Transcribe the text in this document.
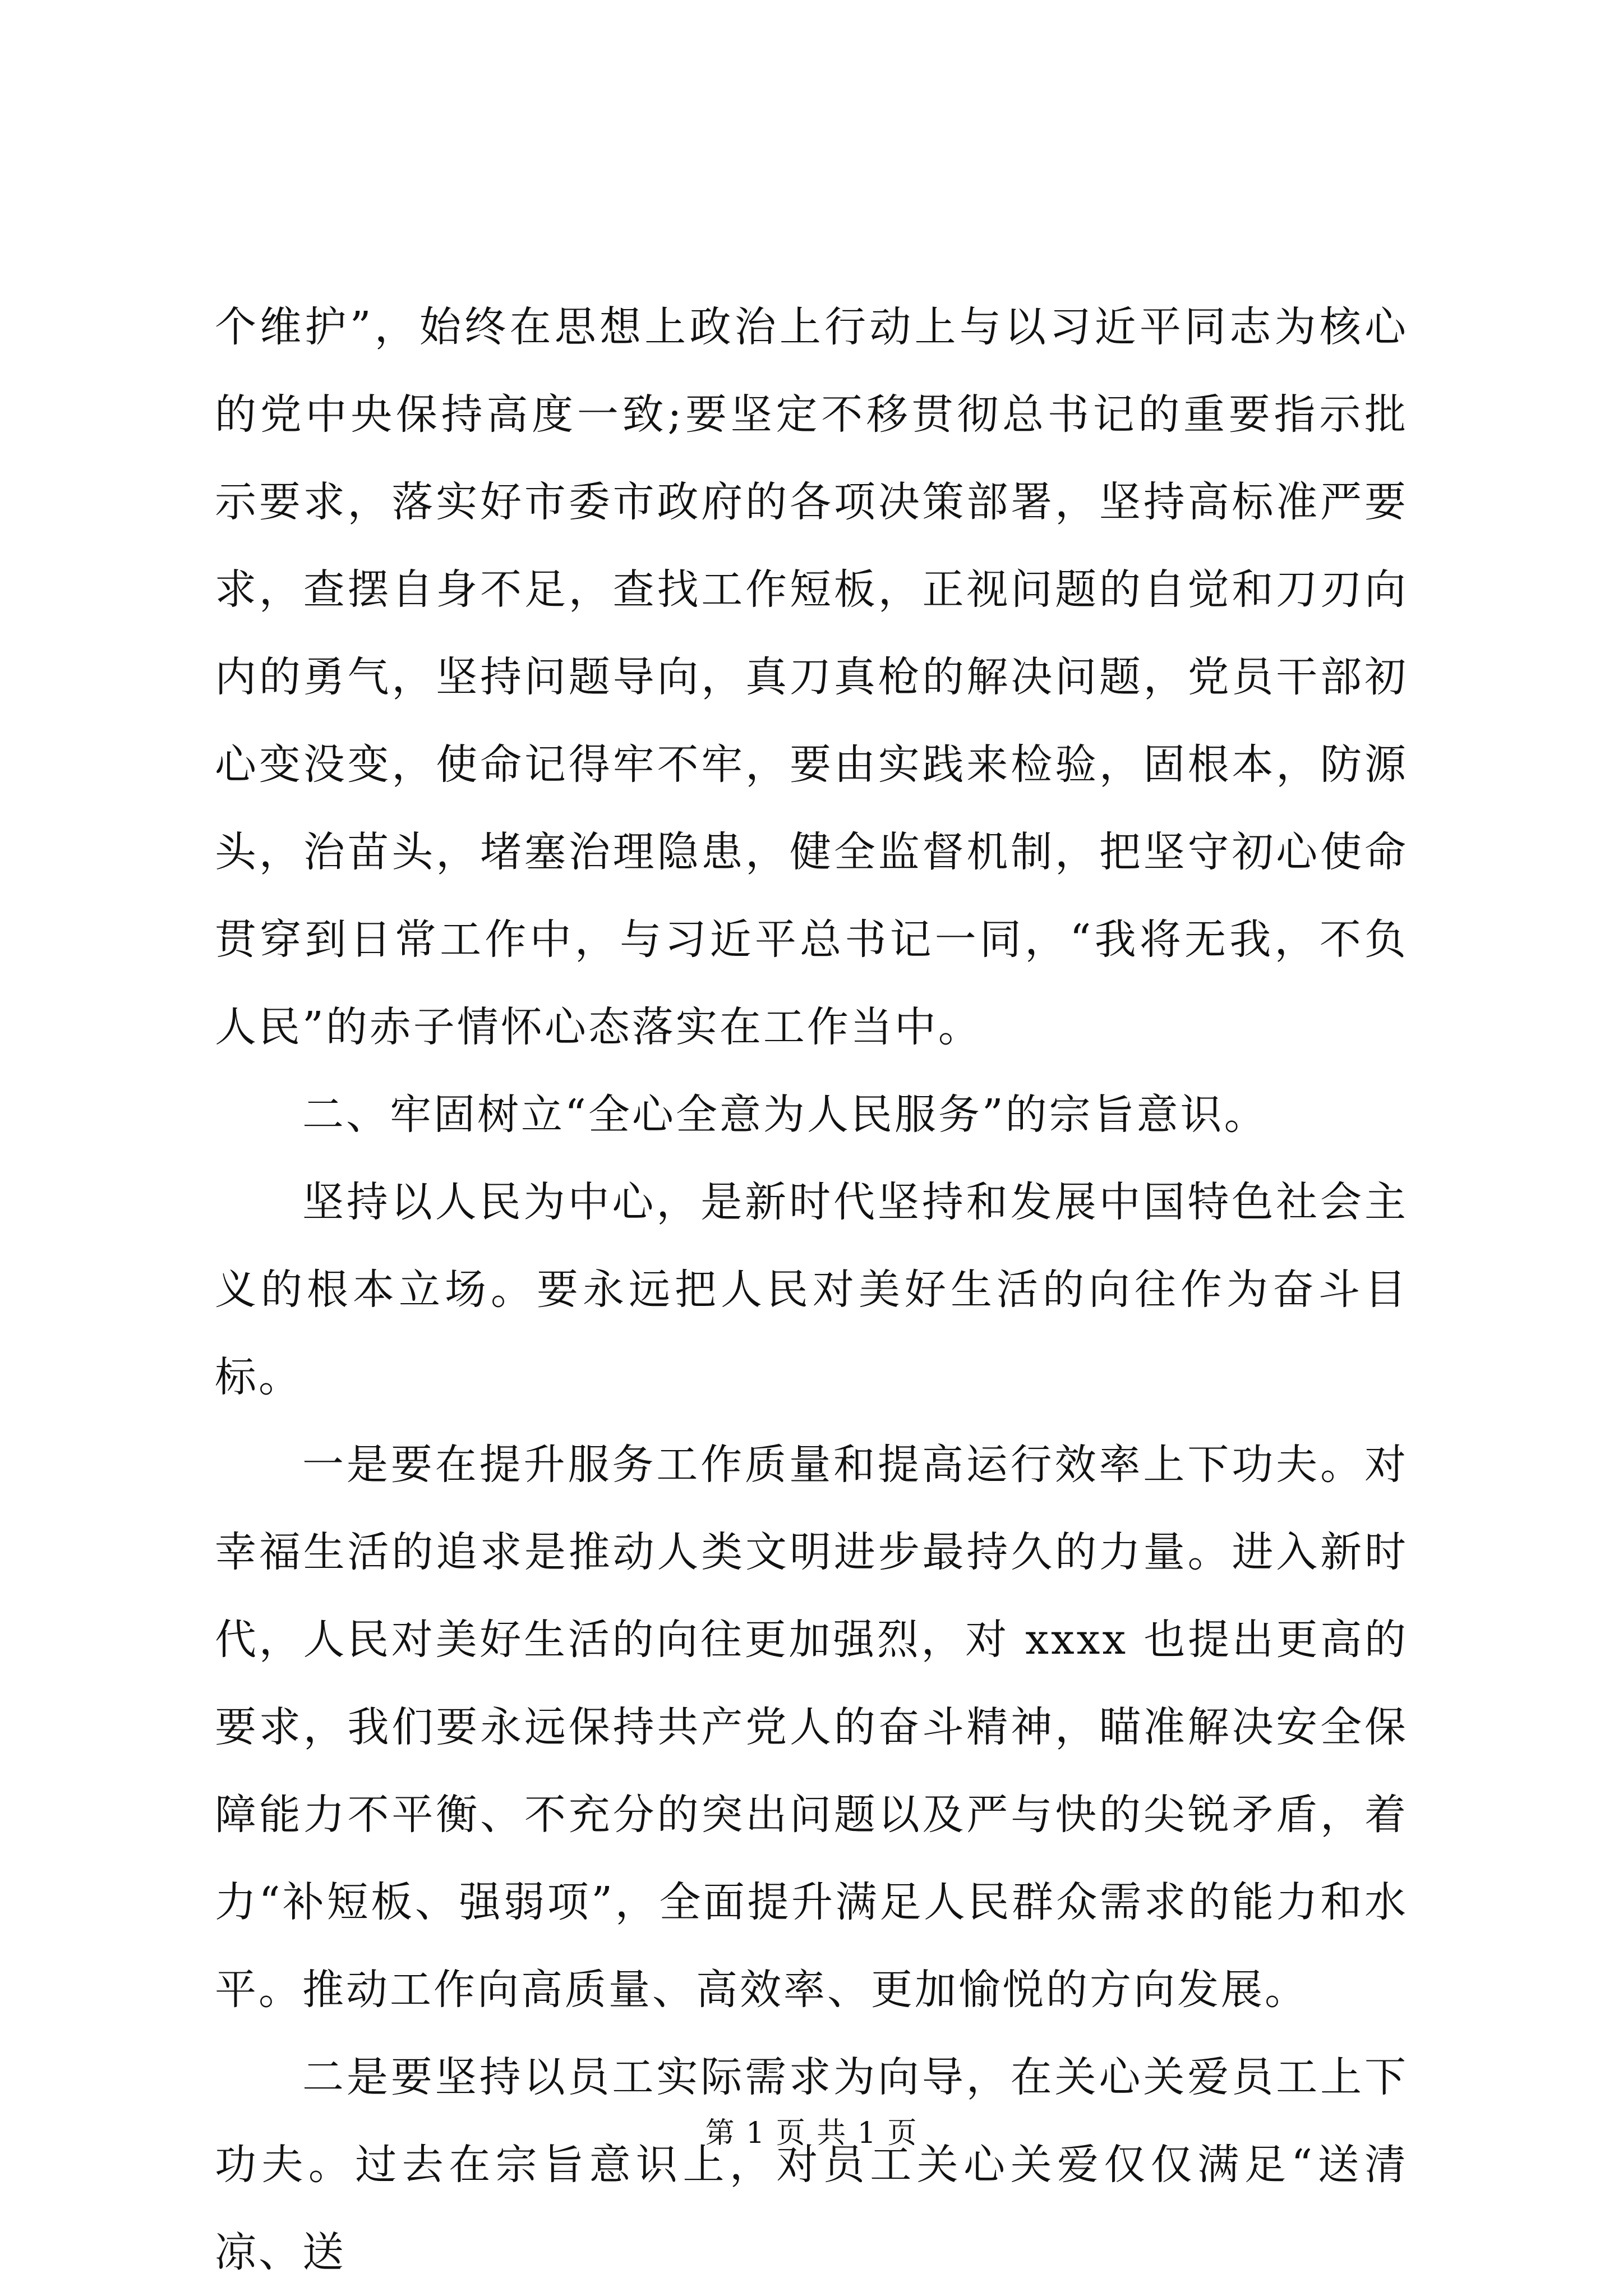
个维护”，始终在思想上政治上行动上与以习近平同志为核心的党中央保持高度一致;要坚定不移贯彻总书记的重要指示批示要求，落实好市委市政府的各项决策部署，坚持高标准严要求，查摆自身不足，查找工作短板，正视问题的自觉和刀刃向内的勇气，坚持问题导向，真刀真枪的解决问题，党员干部初心变没变，使命记得牢不牢，要由实践来检验，固根本，防源头，治苗头，堵塞治理隐患，健全监督机制，把坚守初心使命贯穿到日常工作中，与习近平总书记一同，“我将无我，不负人民”的赤子情怀心态落实在工作当中。

二、牢固树立“全心全意为人民服务”的宗旨意识。

坚持以人民为中心，是新时代坚持和发展中国特色社会主义的根本立场。要永远把人民对美好生活的向往作为奋斗目标。

一是要在提升服务工作质量和提高运行效率上下功夫。对幸福生活的追求是推动人类文明进步最持久的力量。进入新时代，人民对美好生活的向往更加强烈，对 xxxx 也提出更高的要求，我们要永远保持共产党人的奋斗精神，瞄准解决安全保障能力不平衡、不充分的突出问题以及严与快的尖锐矛盾，着力“补短板、强弱项”，全面提升满足人民群众需求的能力和水平。推动工作向高质量、高效率、更加愉悦的方向发展。

二是要坚持以员工实际需求为向导，在关心关爱员工上下功夫。过去在宗旨意识上，对员工关心关爱仅仅满足“送清凉、送

第 1 页 共 1 页
